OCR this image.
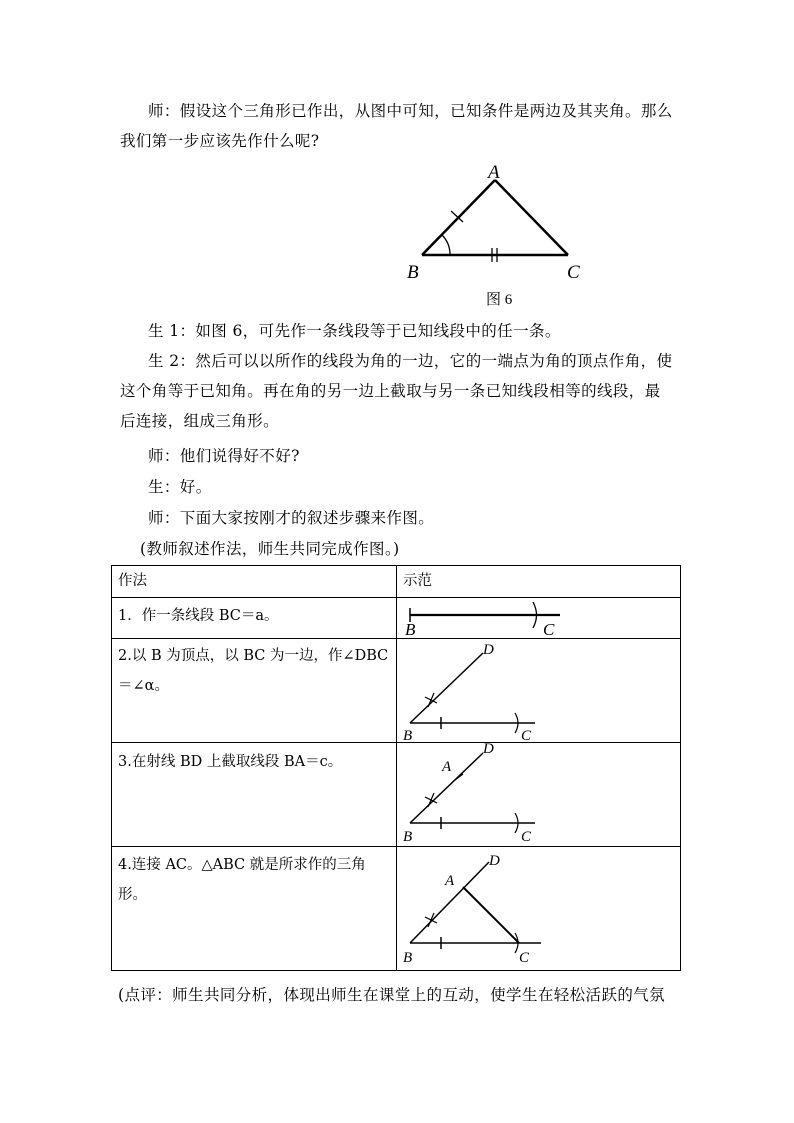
师：假设这个三角形已作出，从图中可知，已知条件是两边及其夹角。那么我们第一步应该先作什么呢?

A
B	C
图 6

生 1：如图 6，可先作一条线段等于已知线段中的任一条。

生 2：然后可以以所作的线段为角的一边，它的一端点为角的顶点作角，使这个角等于已知角。再在角的另一边上截取与另一条已知线段相等的线段，最后连接，组成三角形。

师：他们说得好不好?

生：好。

师：下面大家按刚才的叙述步骤来作图。

(教师叙述作法，师生共同完成作图。)

作法	示范
1．作一条线段 BC＝a。	B C

2.以 B 为顶点，以 BC 为一边，作∠DBC＝∠α。	D
B C

3.在射线 BD 上截取线段 BA＝c。	D
A
B C

4.连接 AC。△ABC 就是所求作的三角形。	D
A
B C

(点评：师生共同分析，体现出师生在课堂上的互动，使学生在轻松活跃的气氛
